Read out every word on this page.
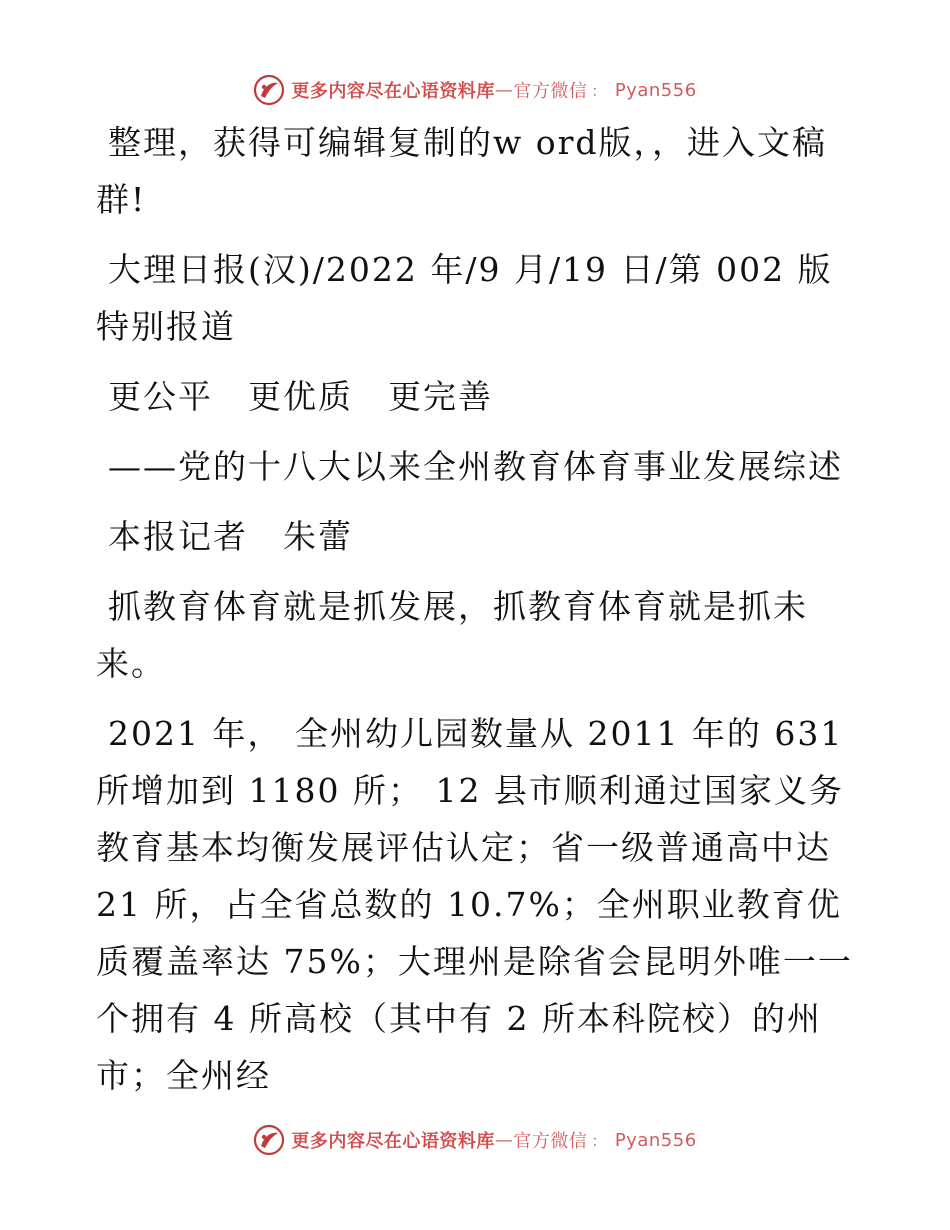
更多内容尽在心语资料库 — 官方微信 ： Pyan556

整理，获得可编辑复制的w ord版，，进入文稿群!

大理日报(汉)/2022 年/9 月/19 日/第 002 版特别报道

更公平　更优质　更完善

——党的十八大以来全州教育体育事业发展综述

本报记者　朱蕾

抓教育体育就是抓发展，抓教育体育就是抓未来。

2021 年， 全州幼儿园数量从 2011 年的 631 所增加到 1180 所； 12 县市顺利通过国家义务教育基本均衡发展评估认定；省一级普通高中达 21 所，占全省总数的 10.7%；全州职业教育优质覆盖率达 75%；大理州是除省会昆明外唯一一个拥有 4 所高校（其中有 2 所本科院校）的州市；全州经

更多内容尽在心语资料库 — 官方微信 ： Pyan556
